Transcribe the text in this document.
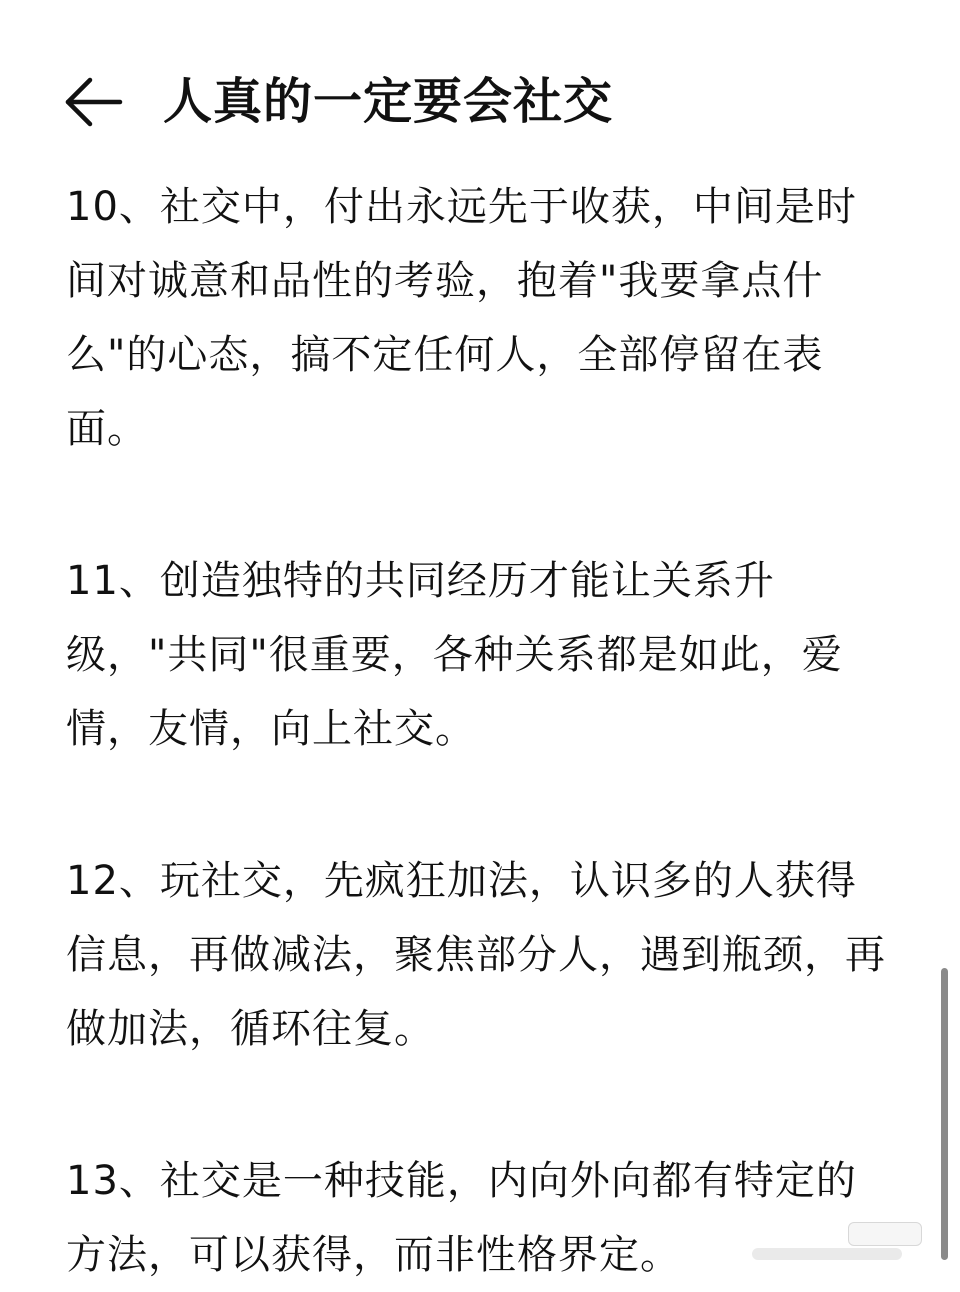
人真的一定要会社交

10、社交中，付出永远先于收获，中间是时间对诚意和品性的考验，抱着"我要拿点什么"的心态，搞不定任何人，全部停留在表面。

11、创造独特的共同经历才能让关系升级，"共同"很重要，各种关系都是如此，爱情，友情，向上社交。

12、玩社交，先疯狂加法，认识多的人获得信息，再做减法，聚焦部分人，遇到瓶颈，再做加法，循环往复。

13、社交是一种技能，内向外向都有特定的方法，可以获得，而非性格界定。
